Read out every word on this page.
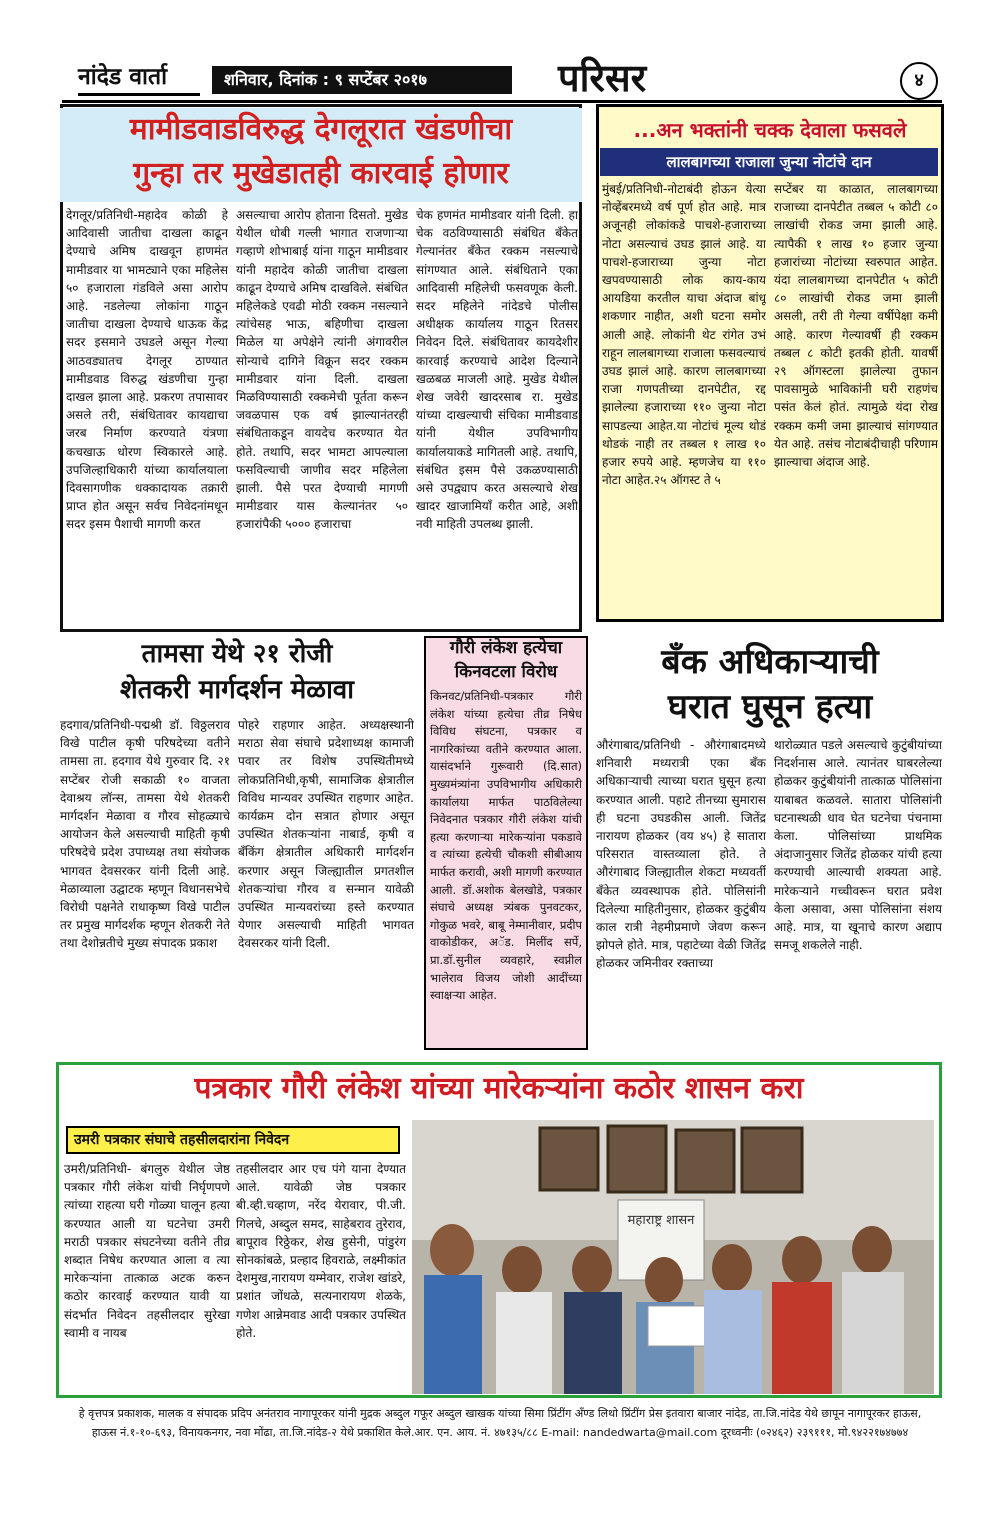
नांदेड वार्ता	शनिवार, दिनांक : ९ सप्टेंबर २०१७	परिसर	४
मामीडवाडविरुद्ध देगलूरात खंडणीचा
गुन्हा तर मुखेडातही कारवाई होणार
देगलूर/प्रतिनिधी-महादेव कोळी हे आदिवासी जातीचा दाखला काढून देण्याचे अमिष दाखवून हाणमंत मामीडवार या भामट्याने एका महिलेस ५० हजाराला गंडविले असा आरोप आहे. नडलेल्या लोकांना गाठून जातीचा दाखला देण्याचे धाऊक केंद्र सदर इसमाने उघडले असून गेल्या आठवड्यातच देगलूर ठाण्यात मामीडवाड विरुद्ध खंडणीचा गुन्हा दाखल झाला आहे. प्रकरण तपासावर असले तरी, संबंधितावर कायद्याचा जरब निर्माण करण्याते यंत्रणा कचखाऊ धोरण स्विकारले आहे. उपजिल्हाधिकारी यांच्या कार्यालयाला दिवसागणीक धक्कादायक तक्रारी प्राप्त होत असून सर्वच निवेदनांमधून सदर इसम पैशाची मागणी करत
असल्याचा आरोप होताना दिसतो. मुखेड येथील धोबी गल्ली भागात राजणाऱ्या गव्हाणे शोभाबाई यांना गाठून मामीडवार यांनी महादेव कोळी जातीचा दाखला काढून देण्याचे अमिष दाखविले. संबंधित महिलेकडे एवढी मोठी रक्कम नसल्याने त्यांचेसह भाऊ, बहिणीचा दाखला मिळेल या अपेक्षेने त्यांनी अंगावरील सोन्याचे दागिने विक्रून सदर रक्कम मामीडवार यांना दिली. दाखला मिळविण्यासाठी रक्कमेची पूर्तता करून जवळपास एक वर्ष झाल्यानंतरही संबंधिताकडून वायदेच करण्यात येत होते. तथापि, सदर भामटा आपल्याला फसविल्याची जाणीव सदर महिलेला झाली. पैसे परत देण्याची मागणी मामीडवार यास केल्यानंतर ५० हजारांपैकी ५००० हजाराचा
चेक हणमंत मामीडवार यांनी दिली. हा चेक वठविण्यासाठी संबंधित बँकेत गेल्यानंतर बँकेत रक्कम नसल्याचे सांगण्यात आले. संबंधिताने एका आदिवासी महिलेची फसवणूक केली. सदर महिलेने नांदेडचे पोलीस अधीक्षक कार्यालय गाठून रितसर निवेदन दिले. संबंधितावर कायदेशीर कारवाई करण्याचे आदेश दिल्याने खळबळ माजली आहे. मुखेड येथील शेख जवेरी खादरसाब रा. मुखेड यांच्या दाखल्याची संचिका मामीडवाड यांनी येथील उपविभागीय कार्यालयाकडे मागितली आहे. तथापि, संबंधित इसम पैसे उकळण्यासाठी असे उपद्व्याप करत असल्याचे शेख खादर खाजामियाँ करीत आहे, अशी नवी माहिती उपलब्ध झाली.
...अन भक्तांनी चक्क देवाला फसवले
लालबागच्या राजाला जुन्या नोटांचे दान
मुंबई/प्रतिनिधी-नोटाबंदी होऊन येत्या नोव्हेंबरमध्ये वर्ष पूर्ण होत आहे. मात्र अजूनही लोकांकडे पाचशे-हजाराच्या नोटा असल्याचं उघड झालं आहे. या पाचशे-हजाराच्या जुन्या नोटा खपवण्यासाठी लोक काय-काय आयडिया करतील याचा अंदाज बांधू शकणार नाहीत, अशी घटना समोर आली आहे. लोकांनी थेट रांगेत उभं राहून लालबागच्या राजाला फसवल्याचं उघड झालं आहे. कारण लालबागच्या राजा गणपतीच्या दानपेटीत, रद्द झालेल्या हजाराच्या ११० जुन्या नोटा सापडल्या आहेत.या नोटांचं मूल्य थोडं थोडकं नाही तर तब्बल १ लाख १० हजार रुपये आहे. म्हणजेच या ११० नोटा आहेत.२५ ऑगस्ट ते ५
सप्टेंबर या काळात, लालबागच्या राजाच्या दानपेटीत तब्बल ५ कोटी ८० लाखांची रोकड जमा झाली आहे. त्यापैकी १ लाख १० हजार जुन्या हजारांच्या नोटांच्या स्वरुपात आहेत. यंदा लालबागच्या दानपेटीत ५ कोटी ८० लाखांची रोकड जमा झाली असली, तरी ती गेल्या वर्षीपेक्षा कमी आहे. कारण गेल्यावर्षी ही रक्कम तब्बल ८ कोटी इतकी होती. यावर्षी २९ ऑगस्टला झालेल्या तुफान पावसामुळे भाविकांनी घरी राहणंच पसंत केलं होतं. त्यामुळे यंदा रोख रक्कम कमी जमा झाल्याचं सांगण्यात येत आहे. तसंच नोटाबंदीचाही परिणाम झाल्याचा अंदाज आहे.
तामसा येथे २१ रोजी
शेतकरी मार्गदर्शन मेळावा
हदगाव/प्रतिनिधी-पद्मश्री डॉ. विठ्ठलराव विखे पाटील कृषी परिषदेच्या वतीने तामसा ता. हदगाव येथे गुरुवार दि. २१ सप्टेंबर रोजी सकाळी १० वाजता देवाश्रय लॉन्स, तामसा येथे शेतकरी मार्गदर्शन मेळावा व गौरव सोहळ्याचे आयोजन केले असल्याची माहिती कृषी परिषदेचे प्रदेश उपाध्यक्ष तथा संयोजक भागवत देवसरकर यांनी दिली आहे. मेळाव्याला उद्घाटक म्हणून विधानसभेचे विरोधी पक्षनेते राधाकृष्ण विखे पाटील तर प्रमुख मार्गदर्शक म्हणून शेतकरी नेते तथा देशोन्नतीचे मुख्य संपादक प्रकाश
पोहरे राहणार आहेत. अध्यक्षस्थानी मराठा सेवा संघाचे प्रदेशाध्यक्ष कामाजी पवार तर विशेष उपस्थितीमध्ये लोकप्रतिनिधी,कृषी, सामाजिक क्षेत्रातील विविध मान्यवर उपस्थित राहणार आहेत. कार्यक्रम दोन सत्रात होणार असून उपस्थित शेतकऱ्यांना नाबार्ड, कृषी व बँकिंग क्षेत्रातील अधिकारी मार्गदर्शन करणार असून जिल्ह्यातील प्रगतशील शेतकऱ्यांचा गौरव व सन्मान यावेळी उपस्थित मान्यवरांच्या हस्ते करण्यात येणार असल्याची माहिती भागवत देवसरकर यांनी दिली.
गौरी लंकेश हत्येचा
किनवटला विरोध
किनवट/प्रतिनिधी-पत्रकार गौरी लंकेश यांच्या हत्येचा तीव्र निषेध विविध संघटना, पत्रकार व नागरिकांच्या वतीने करण्यात आला. यासंदर्भाने गुरूवारी (दि.सात) मुख्यमंत्र्यांना उपविभागीय अधिकारी कार्यालया मार्फत पाठविलेल्या निवेदनात पत्रकार गौरी लंकेश यांची हत्या करणाऱ्या मारेकऱ्यांना पकडावे व त्यांच्या हत्येची चौकशी सीबीआय मार्फत करावी, अशी मागणी करण्यात आली. डॉ.अशोक बेलखोडे, पत्रकार संघाचे अध्यक्ष त्र्यंबक पुनवटकर, गोकुळ भवरे, बाबू नेम्मानीवार, प्रदीप वाकोडीकर, अॅड. मिलींद सर्पे, प्रा.डॉ.सुनील व्यवहारे, स्वप्नील भालेराव विजय जोशी आदींच्या स्वाक्षऱ्या आहेत.
बँक अधिकाऱ्याची
घरात घुसून हत्या
औरंगाबाद/प्रतिनिधी - औरंगाबादमध्ये शनिवारी मध्यरात्री एका बँक अधिकाऱ्याची त्याच्या घरात घुसून हत्या करण्यात आली. पहाटे तीनच्या सुमारास ही घटना उघडकीस आली. जितेंद्र नारायण होळकर (वय ४५) हे सातारा परिसरात वास्तव्याला होते. ते औरंगाबाद जिल्ह्यातील शेकटा मध्यवर्ती बँकेत व्यवस्थापक होते. पोलिसांनी दिलेल्या माहितीनुसार, होळकर कुटुंबीय काल रात्री नेहमीप्रमाणे जेवण करून झोपले होते. मात्र, पहाटेच्या वेळी जितेंद्र होळकर जमिनीवर रक्ताच्या
थारोळ्यात पडले असल्याचे कुटुंबीयांच्या निदर्शनास आले. त्यानंतर घाबरलेल्या होळकर कुटुंबीयांनी तात्काळ पोलिसांना याबाबत कळवले. सातारा पोलिसांनी घटनास्थळी धाव घेत घटनेचा पंचनामा केला. पोलिसांच्या प्राथमिक अंदाजानुसार जितेंद्र होळकर यांची हत्या करण्याची आल्याची शक्यता आहे. मारेकऱ्याने गच्चीवरून घरात प्रवेश केला असावा, असा पोलिसांना संशय आहे. मात्र, या खूनाचे कारण अद्याप समजू शकलेले नाही.
पत्रकार गौरी लंकेश यांच्या मारेकऱ्यांना कठोर शासन करा
उमरी पत्रकार संघाचे तहसीलदारांना निवेदन
उमरी/प्रतिनिधी- बंगलुरु येथील जेष्ठ पत्रकार गौरी लंकेश यांची निर्घृणपणे त्यांच्या राहत्या घरी गोळ्या घालून हत्या करण्यात आली या घटनेचा उमरी मराठी पत्रकार संघटनेच्या वतीने तीव्र शब्दात निषेध करण्यात आला व त्या मारेकऱ्यांना तात्काळ अटक करुन कठोर कारवाई करण्यात यावी या संदर्भात निवेदन तहसीलदार सुरेखा स्वामी व नायब
तहसीलदार आर एच पंगे याना देण्यात आले. यावेळी जेष्ठ पत्रकार बी.व्ही.चव्हाण, नरेंद येरावार, पी.जी. गिलचे, अब्दुल समद, साहेबराव तुरेराव, बापूराव रिठ्ठेकर, शेख हुसेनी, पांडुरंग सोनकांबळे, प्रल्हाद हिवराळे, लक्ष्मीकांत देशमुख,नारायण यम्मेवार, राजेश खांडरे, प्रशांत जोंधळे, सत्यनारायण शेळके, गणेश आन्नेमवाड आदी पत्रकार उपस्थित होते.
महाराष्ट्र शासन
हे वृत्तपत्र प्रकाशक, मालक व संपादक प्रदिप अनंतराव नागापूरकर यांनी मुद्रक अब्दुल गफूर अब्दुल खाखक यांच्या सिमा प्रिंटींग अँण्ड लिथो प्रिंटींग प्रेस इतवारा बाजार नांदेड, ता.जि.नांदेड येथे छापून नागापूरकर हाऊस,
हाऊस नं.१-१०-६९३, विनायकनगर, नवा मोंढा, ता.जि.नांदेड-२ येथे प्रकाशित केले.आर. एन. आय. नं. ४७१३५/८८ E-mail: nandedwarta@mail.com दूरध्वनीः (०२४६२) २३९१११, मो.९४२२१७४७७४
